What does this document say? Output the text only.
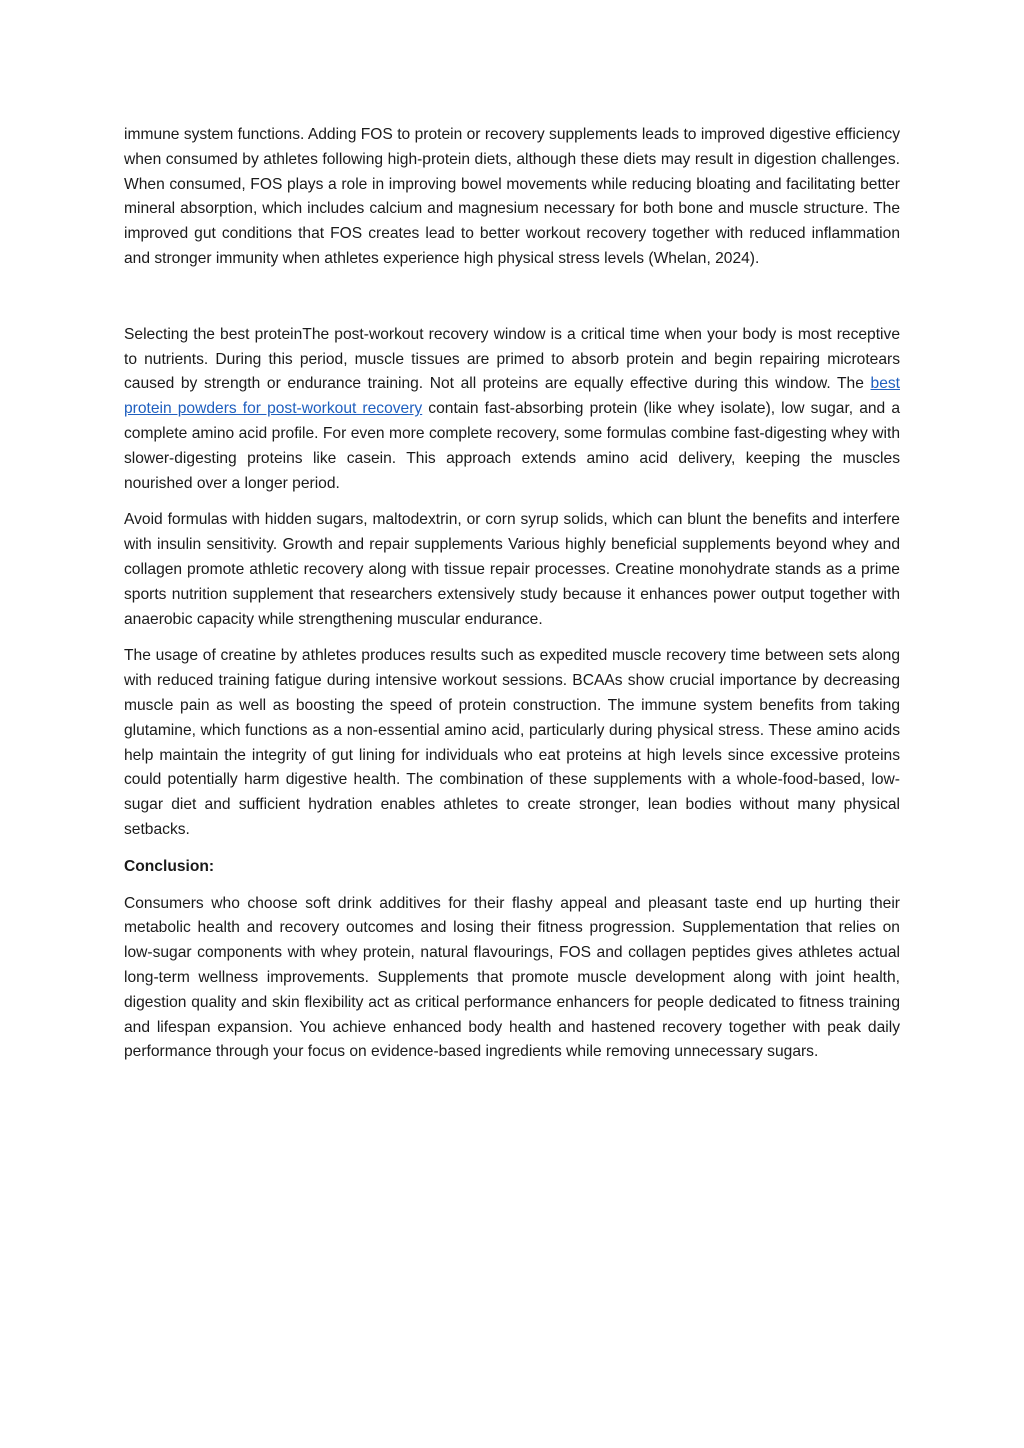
immune system functions. Adding FOS to protein or recovery supplements leads to improved digestive efficiency when consumed by athletes following high-protein diets, although these diets may result in digestion challenges. When consumed, FOS plays a role in improving bowel movements while reducing bloating and facilitating better mineral absorption, which includes calcium and magnesium necessary for both bone and muscle structure. The improved gut conditions that FOS creates lead to better workout recovery together with reduced inflammation and stronger immunity when athletes experience high physical stress levels (Whelan, 2024).

Selecting the best proteinThe post-workout recovery window is a critical time when your body is most receptive to nutrients. During this period, muscle tissues are primed to absorb protein and begin repairing microtears caused by strength or endurance training. Not all proteins are equally effective during this window. The best protein powders for post-workout recovery contain fast-absorbing protein (like whey isolate), low sugar, and a complete amino acid profile. For even more complete recovery, some formulas combine fast-digesting whey with slower-digesting proteins like casein. This approach extends amino acid delivery, keeping the muscles nourished over a longer period.

Avoid formulas with hidden sugars, maltodextrin, or corn syrup solids, which can blunt the benefits and interfere with insulin sensitivity. Growth and repair supplements Various highly beneficial supplements beyond whey and collagen promote athletic recovery along with tissue repair processes. Creatine monohydrate stands as a prime sports nutrition supplement that researchers extensively study because it enhances power output together with anaerobic capacity while strengthening muscular endurance.

The usage of creatine by athletes produces results such as expedited muscle recovery time between sets along with reduced training fatigue during intensive workout sessions. BCAAs show crucial importance by decreasing muscle pain as well as boosting the speed of protein construction. The immune system benefits from taking glutamine, which functions as a non-essential amino acid, particularly during physical stress. These amino acids help maintain the integrity of gut lining for individuals who eat proteins at high levels since excessive proteins could potentially harm digestive health. The combination of these supplements with a whole-food-based, low-sugar diet and sufficient hydration enables athletes to create stronger, lean bodies without many physical setbacks.

Conclusion:

Consumers who choose soft drink additives for their flashy appeal and pleasant taste end up hurting their metabolic health and recovery outcomes and losing their fitness progression. Supplementation that relies on low-sugar components with whey protein, natural flavourings, FOS and collagen peptides gives athletes actual long-term wellness improvements. Supplements that promote muscle development along with joint health, digestion quality and skin flexibility act as critical performance enhancers for people dedicated to fitness training and lifespan expansion. You achieve enhanced body health and hastened recovery together with peak daily performance through your focus on evidence-based ingredients while removing unnecessary sugars.
